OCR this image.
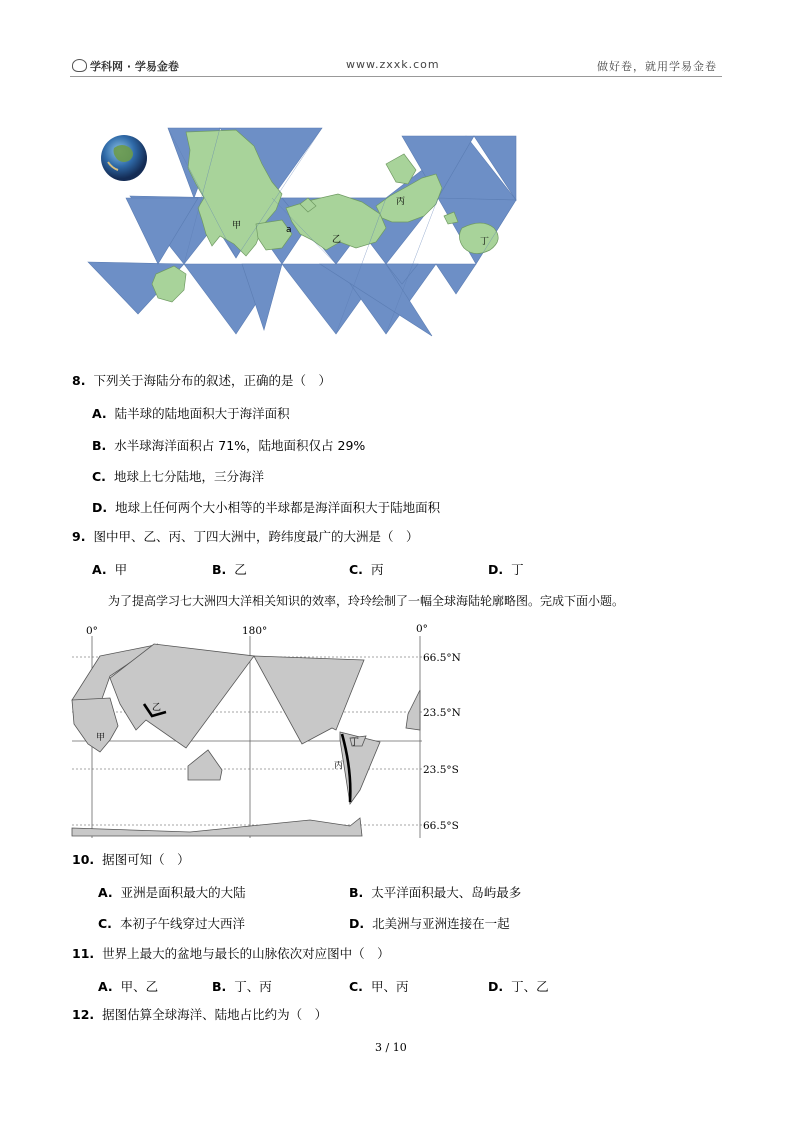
学科网 · 学易金卷	www.zxxk.com	做好卷，就用学易金卷
甲	a
乙
丙
丁
8. 下列关于海陆分布的叙述，正确的是（　）
A. 陆半球的陆地面积大于海洋面积
B. 水半球海洋面积占 71%，陆地面积仅占 29%
C. 地球上七分陆地，三分海洋
D. 地球上任何两个大小相等的半球都是海洋面积大于陆地面积
9. 图中甲、乙、丙、丁四大洲中，跨纬度最广的大洲是（　）
A. 甲	B. 乙	C. 丙	D. 丁
为了提高学习七大洲四大洋相关知识的效率，玲玲绘制了一幅全球海陆轮廓略图。完成下面小题。
0°	180°	0°
66.5°N
23.5°N
23.5°S
66.5°S
乙
甲	丁
丙
10. 据图可知（　）
A. 亚洲是面积最大的大陆	B. 太平洋面积最大、岛屿最多
C. 本初子午线穿过大西洋	D. 北美洲与亚洲连接在一起
11. 世界上最大的盆地与最长的山脉依次对应图中（　）
A. 甲、乙	B. 丁、丙	C. 甲、丙	D. 丁、乙
12. 据图估算全球海洋、陆地占比约为（　）
3 / 10
